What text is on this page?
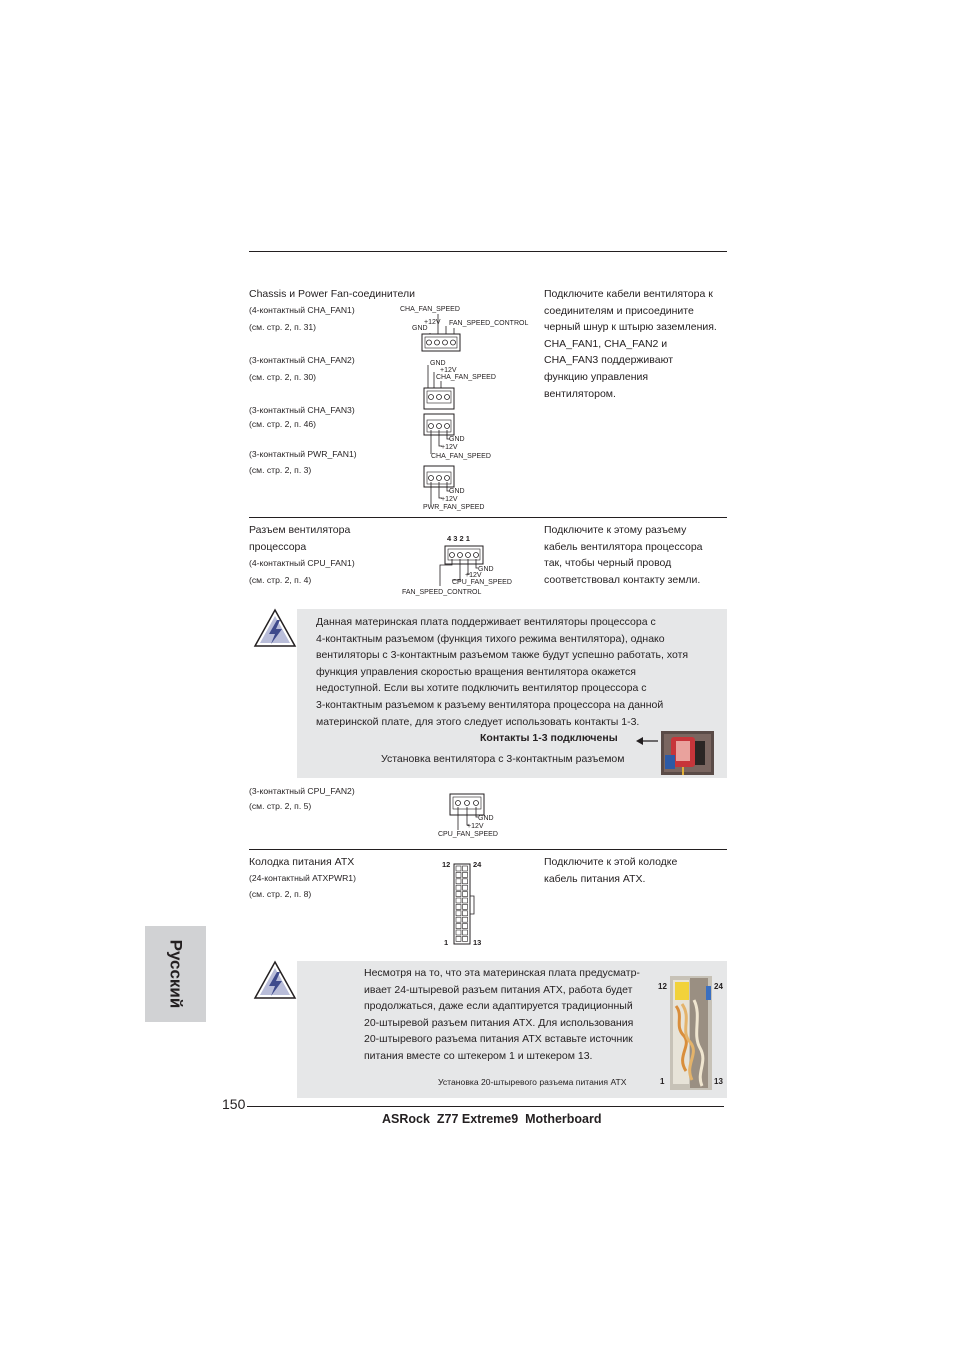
Chassis и Power Fan-соединители
(4-контактный CHA_FAN1)
(см. стр. 2, п. 31)
(3-контактный CHA_FAN2)
(см. стр. 2, п. 30)
(3-контактный CHA_FAN3)
(см. стр. 2, п. 46)
(3-контактный PWR_FAN1)
(см. стр. 2, п. 3)
Подключите кабели вентилятора к
соединителям и присоедините
черный шнур к штырю заземления.
CHA_FAN1, CHA_FAN2 и
CHA_FAN3 поддерживают
функцию управления
вентилятором.
CHA_FAN_SPEED
+12V FAN_SPEED_CONTROL
GND
GND
+12V
CHA_FAN_SPEED
GND
+12V
CHA_FAN_SPEED
GND
+12V
PWR_FAN_SPEED
Разъем вентилятора
процессора
(4-контактный CPU_FAN1)
(см. стр. 2, п. 4)
Подключите к этому разъему
кабель вентилятора процессора
так, чтобы черный провод
соответствовал контакту земли.
4 3 2 1
GND
+12V
CPU_FAN_SPEED
FAN_SPEED_CONTROL
Данная материнская плата поддерживает вентиляторы процессора с
4-контактным разъемом (функция тихого режима вентилятора), однако
вентиляторы с 3-контактным разъемом также будут успешно работать, хотя
функция управления скоростью вращения вентилятора окажется
недоступной. Если вы хотите подключить вентилятор процессора с
3-контактным разъемом к разъему вентилятора процессора на данной
материнской плате, для этого следует использовать контакты 1-3.
Контакты 1-3 подключены
Установка вентилятора с 3-контактным разъемом
(3-контактный CPU_FAN2)
(см. стр. 2, п. 5)
GND
+12V
CPU_FAN_SPEED
Колодка питания ATX
(24-контактный ATXPWR1)
(см. стр. 2, п. 8)
Подключите к этой колодке
кабель питания ATX.
12	24
1	13
Несмотря на то, что эта материнская плата предусматр-
ивает 24-штыревой разъем питания ATX, работа будет
продолжаться, даже если адаптируется традиционный
20-штыревой разъем питания ATX. Для использования
20-штыревого разъема питания ATX вставьте источник
питания вместе со штекером 1 и штекером 13.
Установка 20-штыревого разъема питания ATX
12	24
1	13
Русский
150
ASRock  Z77 Extreme9  Motherboard
